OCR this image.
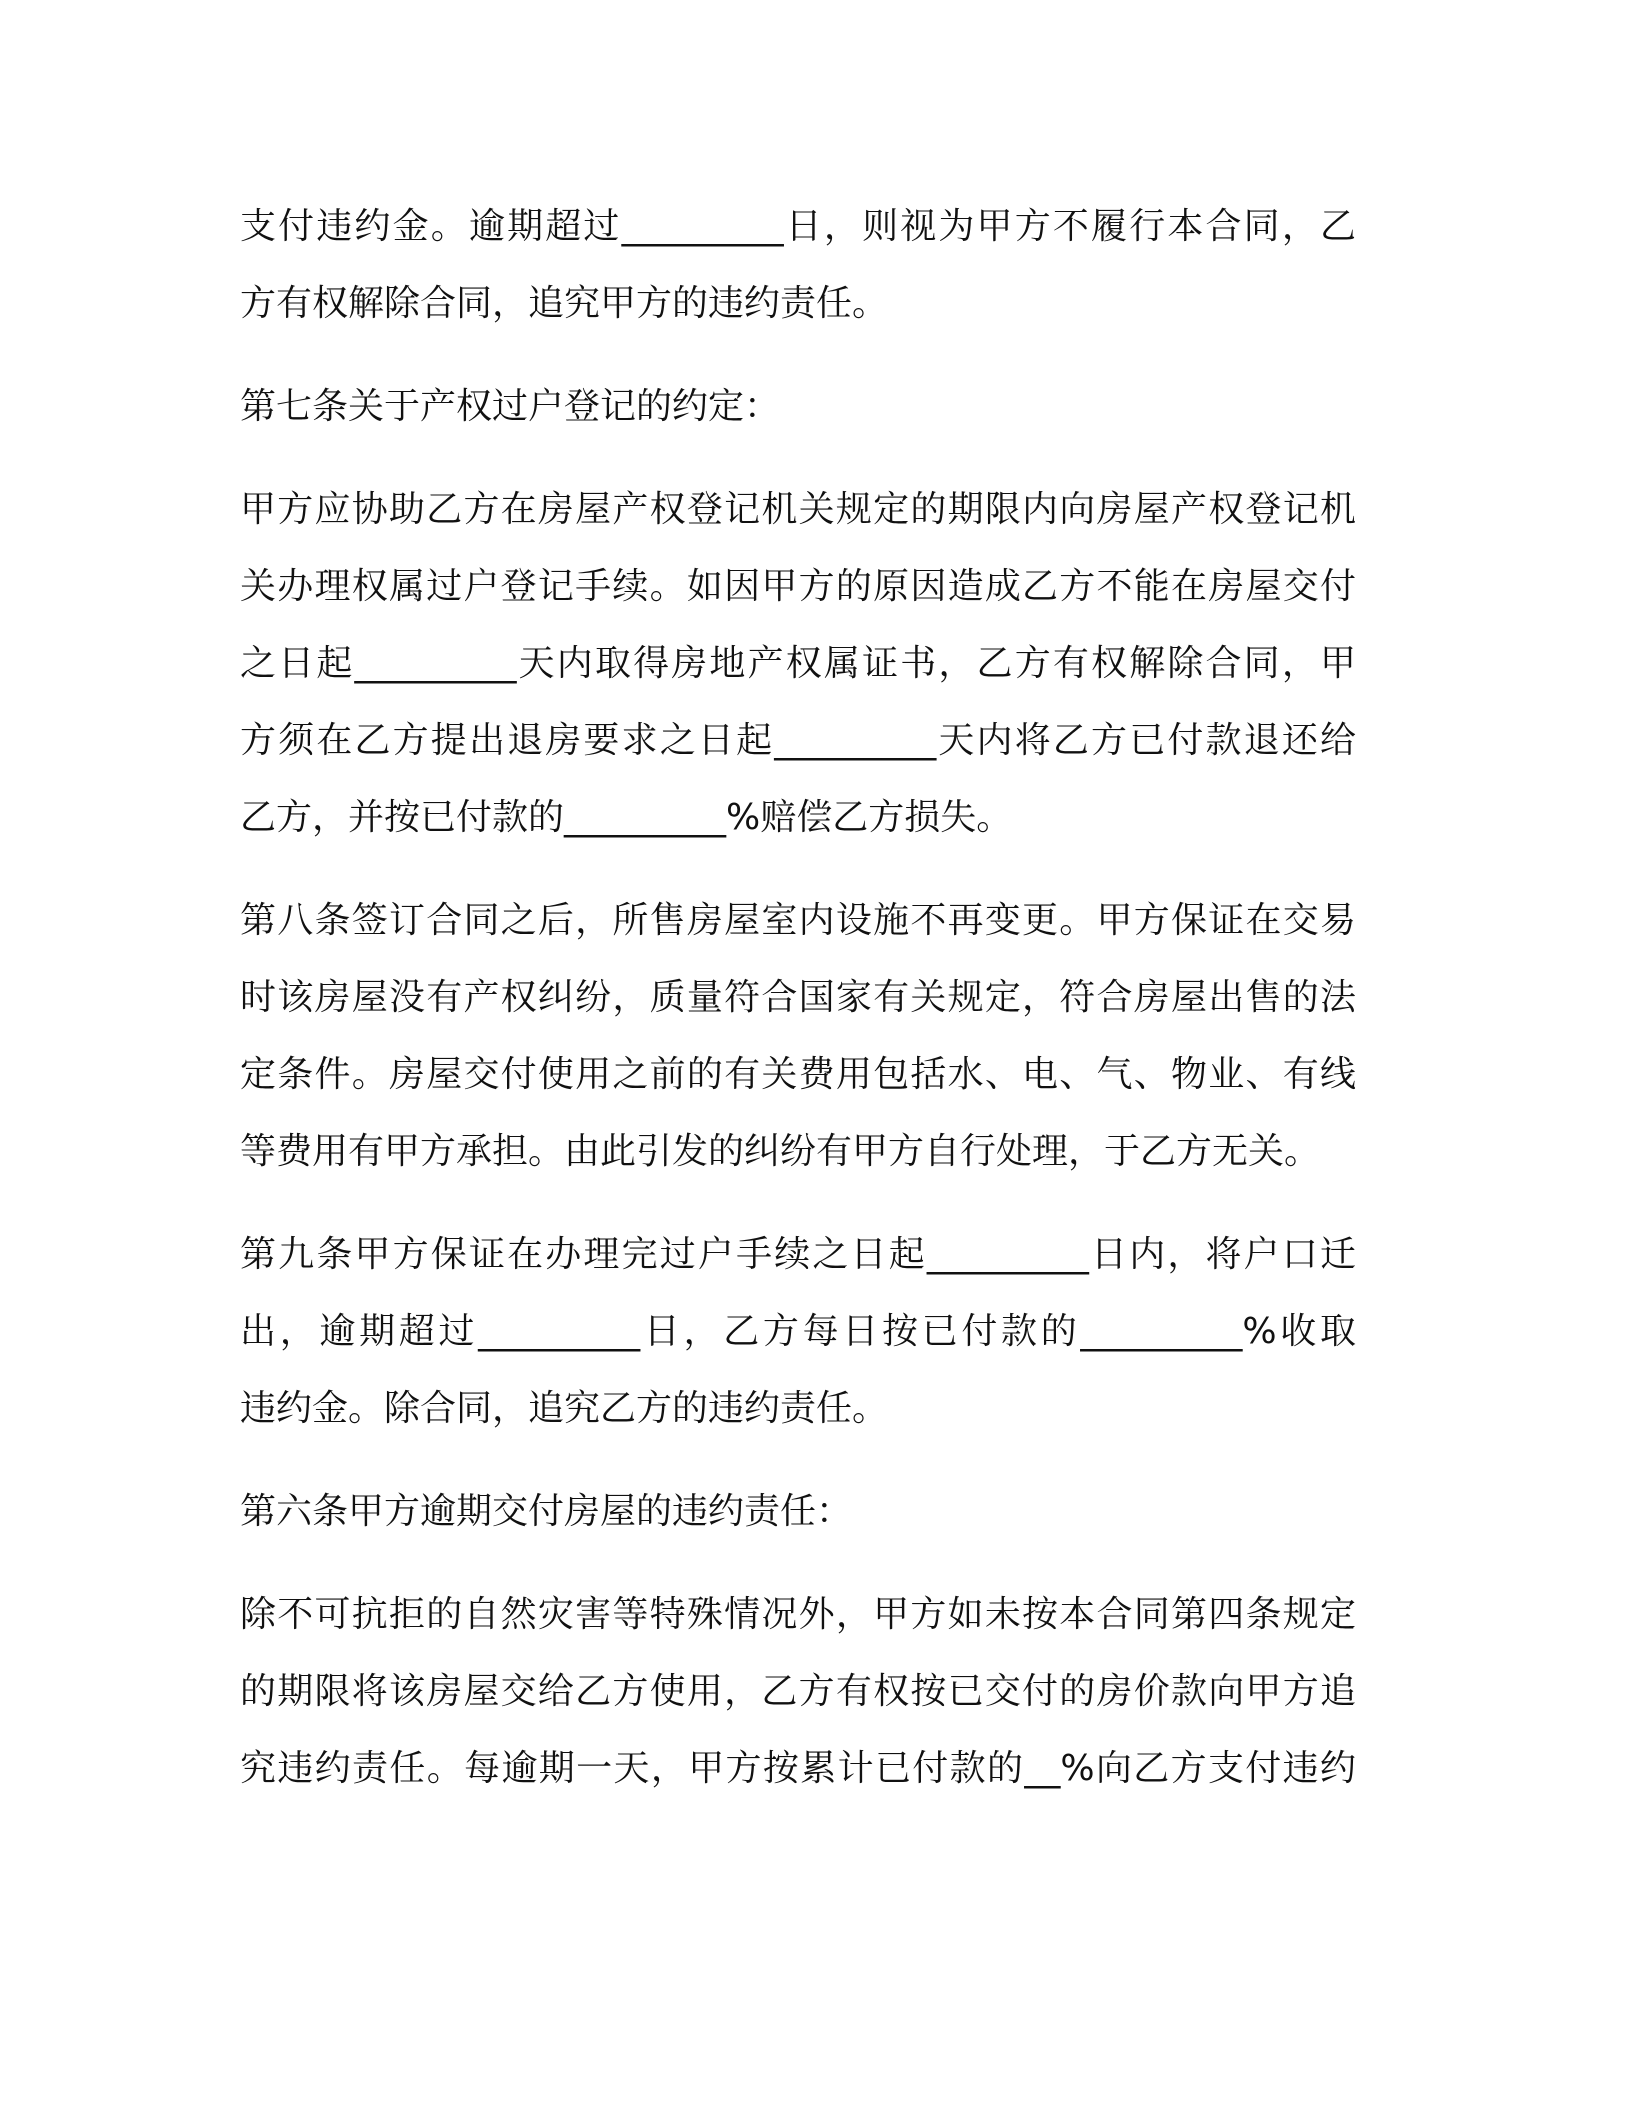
支付违约金。逾期超过_________日，则视为甲方不履行本合同，乙
方有权解除合同，追究甲方的违约责任。
第七条关于产权过户登记的约定：
甲方应协助乙方在房屋产权登记机关规定的期限内向房屋产权登记机
关办理权属过户登记手续。如因甲方的原因造成乙方不能在房屋交付
之日起_________天内取得房地产权属证书，乙方有权解除合同，甲
方须在乙方提出退房要求之日起_________天内将乙方已付款退还给
乙方，并按已付款的_________%赔偿乙方损失。
第八条签订合同之后，所售房屋室内设施不再变更。甲方保证在交易
时该房屋没有产权纠纷，质量符合国家有关规定，符合房屋出售的法
定条件。房屋交付使用之前的有关费用包括水、电、气、物业、有线
等费用有甲方承担。由此引发的纠纷有甲方自行处理，于乙方无关。
第九条甲方保证在办理完过户手续之日起_________日内，将户口迁
出，逾期超过_________日，乙方每日按已付款的_________%收取
违约金。除合同，追究乙方的违约责任。
第六条甲方逾期交付房屋的违约责任：
除不可抗拒的自然灾害等特殊情况外，甲方如未按本合同第四条规定
的期限将该房屋交给乙方使用，乙方有权按已交付的房价款向甲方追
究违约责任。每逾期一天，甲方按累计已付款的__%向乙方支付违约
